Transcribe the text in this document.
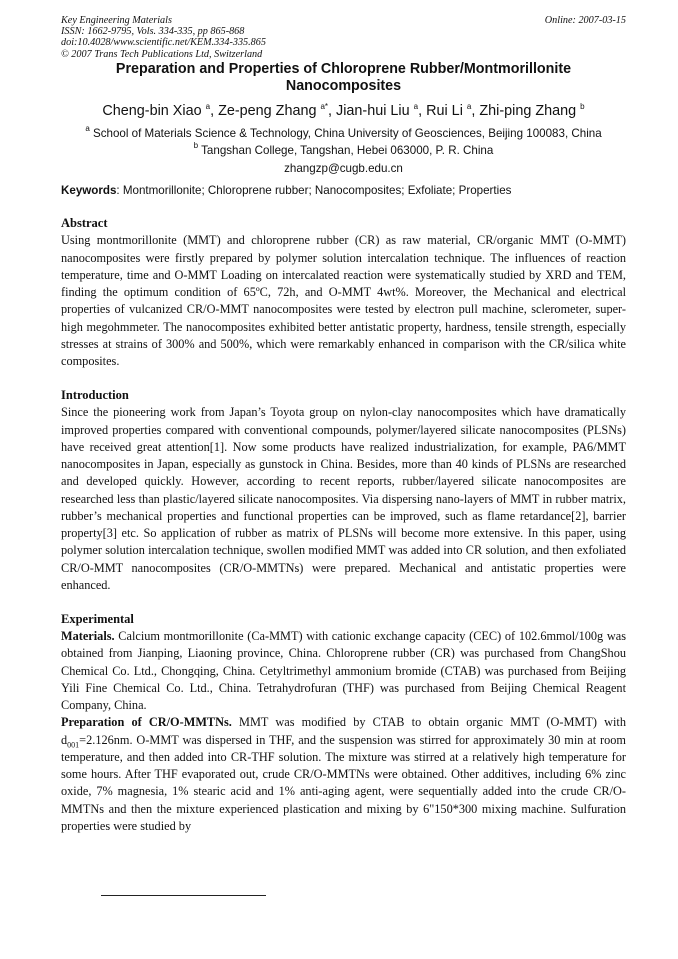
Key Engineering Materials	Online: 2007-03-15
ISSN: 1662-9795, Vols. 334-335, pp 865-868
doi:10.4028/www.scientific.net/KEM.334-335.865
© 2007 Trans Tech Publications Ltd, Switzerland
Preparation and Properties of Chloroprene Rubber/Montmorillonite
Nanocomposites
Cheng-bin Xiao $^a$, Ze-peng Zhang $^{a*}$, Jian-hui Liu $^a$, Rui Li $^a$, Zhi-ping Zhang $^b$
$^a$ School of Materials Science & Technology, China University of Geosciences, Beijing 100083, China
$^b$ Tangshan College, Tangshan, Hebei 063000, P. R. China
zhangzp@cugb.edu.cn
Keywords: Montmorillonite; Chloroprene rubber; Nanocomposites; Exfoliate; Properties
Abstract
Using montmorillonite (MMT) and chloroprene rubber (CR) as raw material, CR/organic MMT (O-MMT) nanocomposites were firstly prepared by polymer solution intercalation technique. The influences of reaction temperature, time and O-MMT Loading on intercalated reaction were systematically studied by XRD and TEM, finding the optimum condition of 65ºC, 72h, and O-MMT 4wt%. Moreover, the Mechanical and electrical properties of vulcanized CR/O-MMT nanocomposites were tested by electron pull machine, sclerometer, super-high megohmmeter. The nanocomposites exhibited better antistatic property, hardness, tensile strength, especially stresses at strains of 300% and 500%, which were remarkably enhanced in comparison with the CR/silica white composites.
Introduction
Since the pioneering work from Japan’s Toyota group on nylon-clay nanocomposites which have dramatically improved properties compared with conventional compounds, polymer/layered silicate nanocomposites (PLSNs) have received great attention[1]. Now some products have realized industrialization, for example, PA6/MMT nanocomposites in Japan, especially as gunstock in China. Besides, more than 40 kinds of PLSNs are researched and developed quickly. However, according to recent reports, rubber/layered silicate nanocomposites are researched less than plastic/layered silicate nanocomposites. Via dispersing nano-layers of MMT in rubber matrix, rubber’s mechanical properties and functional properties can be improved, such as flame retardance[2], barrier property[3] etc. So application of rubber as matrix of PLSNs will become more extensive. In this paper, using polymer solution intercalation technique, swollen modified MMT was added into CR solution, and then exfoliated CR/O-MMT nanocomposites (CR/O-MMTNs) were prepared. Mechanical and antistatic properties were enhanced.
Experimental
Materials. Calcium montmorillonite (Ca-MMT) with cationic exchange capacity (CEC) of 102.6mmol/100g was obtained from Jianping, Liaoning province, China. Chloroprene rubber (CR) was purchased from ChangShou Chemical Co. Ltd., Chongqing, China. Cetyltrimethyl ammonium bromide (CTAB) was purchased from Beijing Yili Fine Chemical Co. Ltd., China. Tetrahydrofuran (THF) was purchased from Beijing Chemical Reagent Company, China.
Preparation of CR/O-MMTNs. MMT was modified by CTAB to obtain organic MMT (O-MMT) with $d_{001}=2.126nm$. O-MMT was dispersed in THF, and the suspension was stirred for approximately 30 min at room temperature, and then added into CR-THF solution. The mixture was stirred at a relatively high temperature for some hours. After THF evaporated out, crude CR/O-MMTNs were obtained. Other additives, including 6% zinc oxide, 7% magnesia, 1% stearic acid and 1% anti-aging agent, were sequentially added into the crude CR/O-MMTNs and then the mixture experienced plastication and mixing by 6"150*300 mixing machine. Sulfuration properties were studied by
